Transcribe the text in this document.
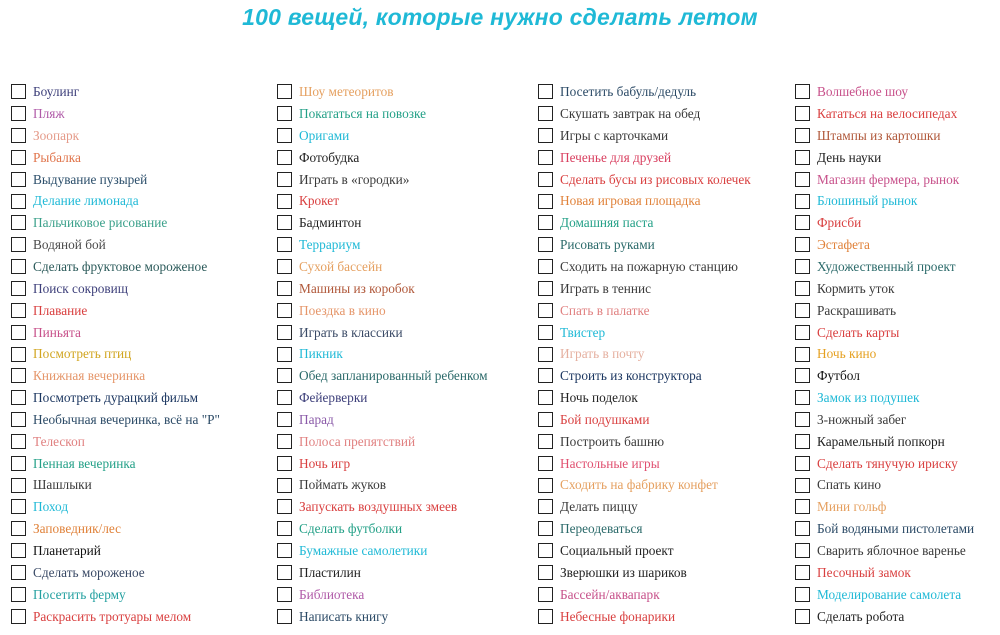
100 вещей, которые нужно сделать летом
Боулинг
Пляж
Зоопарк
Рыбалка
Выдувание пузырей
Делание лимонада
Пальчиковое рисование
Водяной бой
Сделать фруктовое мороженое
Поиск сокровищ
Плавание
Пиньята
Посмотреть птиц
Книжная вечеринка
Посмотреть дурацкий фильм
Необычная вечеринка, всё на "Р"
Телескоп
Пенная вечеринка
Шашлыки
Поход
Заповедник/лес
Планетарий
Сделать мороженое
Посетить ферму
Раскрасить тротуары мелом
Шоу метеоритов
Покататься на повозке
Оригами
Фотобудка
Играть в «городки»
Крокет
Бадминтон
Террариум
Сухой бассейн
Машины из коробок
Поездка в кино
Играть в классики
Пикник
Обед запланированный ребенком
Фейерверки
Парад
Полоса препятствий
Ночь игр
Поймать жуков
Запускать воздушных змеев
Сделать футболки
Бумажные самолетики
Пластилин
Библиотека
Написать книгу
Посетить бабуль/дедуль
Скушать завтрак на обед
Игры с карточками
Печенье для друзей
Сделать бусы из рисовых колечек
Новая игровая площадка
Домашняя паста
Рисовать руками
Сходить на пожарную станцию
Играть в теннис
Спать в палатке
Твистер
Играть в почту
Строить из конструктора
Ночь поделок
Бой подушками
Построить башню
Настольные игры
Сходить на фабрику конфет
Делать пиццу
Переодеваться
Социальный проект
Зверюшки из шариков
Бассейн/аквапарк
Небесные фонарики
Волшебное шоу
Кататься на велосипедах
Штампы из картошки
День науки
Магазин фермера, рынок
Блошиный рынок
Фрисби
Эстафета
Художественный проект
Кормить уток
Раскрашивать
Сделать карты
Ночь кино
Футбол
Замок из подушек
3-ножный забег
Карамельный попкорн
Сделать тянучую ириску
Спать кино
Мини гольф
Бой водяными пистолетами
Сварить яблочное варенье
Песочный замок
Моделирование самолета
Сделать робота
